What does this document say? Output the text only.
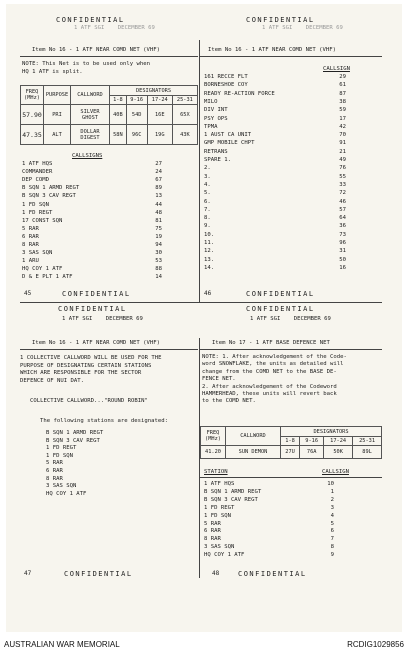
CONFIDENTIAL
1 ATF SGI    DECEMBER 69
Item No 16 - 1 ATF NEAR COMD NET (VHF)
NOTE: This Net is to be used only when
HQ 1 ATF is split.
FREQ (MHz)	PURPOSE	CALLWORD	DESIGNATORS			
			1-8	9-16	17-24	25-31
57.90	PRI	SILVER GHOST	40B	54D	16E	65X
47.35	ALT	DOLLAR DIGEST	58N	96C	19G	43K
CALLSIGNS
1 ATF HQS	27
COMMANDER	24
DEP COMD	67
B SQN 1 ARMD REGT	89
B SQN 3 CAV REGT	13
1 FD SQN	44
1 FD REGT	48
17 CONST SQN	81
5 RAR	75
6 RAR	19
8 RAR	94
3 SAS SQN	30
1 ARU	53
HQ COY 1 ATF	88
D & E PLT 1 ATF	14
45	CONFIDENTIAL
CONFIDENTIAL
1 ATF SGI    DECEMBER 69
Item No 16 - 1 ATF NEAR COMD NET (VHF)
CALLSIGN
161 RECCE FLT	29
BORNESHOE COY	61
READY RE-ACTION FORCE	87
MILO	38
DIV INT	59
PSY OPS	17
TPMA	42
1 AUST CA UNIT	70
GMP MOBILE CHPT	91
RETRANS	21
SPARE 1.	49
2.	76
3.	55
4.	33
5.	72
6.	46
7.	57
8.	64
9.	36
10.	73
11.	96
12.	31
13.	50
14.	16
46	CONFIDENTIAL
CONFIDENTIAL
1 ATF SGI    DECEMBER 69
Item No 16 - 1 ATF NEAR COMD NET (VHF)
1 COLLECTIVE CALLWORD WILL BE USED FOR THE
PURPOSE OF DESIGNATING CERTAIN STATIONS
WHICH ARE RESPONSIBLE FOR THE SECTOR
DEFENCE OF NUI DAT.
COLLECTIVE CALLWORD..."ROUND ROBIN"
The following stations are designated:
B SQN 1 ARMD REGT
B SQN 3 CAV REGT
1 FD REGT
1 FD SQN
5 RAR
6 RAR
8 RAR
3 SAS SQN
HQ COY 1 ATF
47	CONFIDENTIAL
CONFIDENTIAL
1 ATF SGI    DECEMBER 69
Item No 17 - 1 ATF BASE DEFENCE NET
NOTE: 1. After acknowledgement of the Code-
word SNOWFLAKE, the units as detailed will
change from the COMD NET to the BASE DE-
FENCE NET.
2. After acknowledgement of the Codeword
HAMMERHEAD, these units will revert back
to the COMD NET.
FREQ (MHz)	CALLWORD	DESIGNATORS			
		1-8	9-16	17-24	25-31
41.20	SUN DEMON	27U	76A	50K	89L
STATION	CALLSIGN
1 ATF HQS	10
B SQN 1 ARMD REGT	1
B SQN 3 CAV REGT	2
1 FD REGT	3
1 FD SQN	4
5 RAR	5
6 RAR	6
8 RAR	7
3 SAS SQN	8
HQ COY 1 ATF	9
48	CONFIDENTIAL
AUSTRALIAN WAR MEMORIAL	RCDIG1029856
